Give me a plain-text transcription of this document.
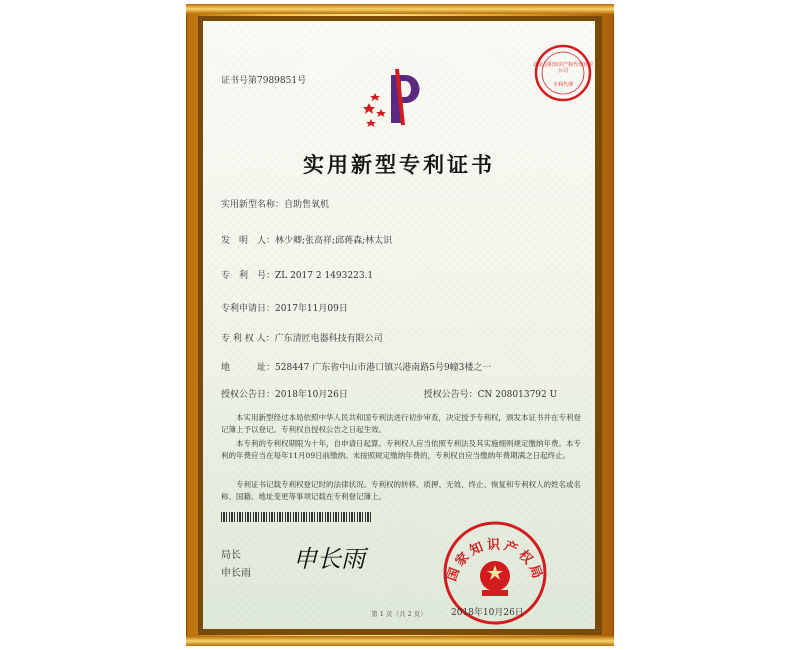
证书号第7989851号
北京信和知识产权代理有限公司
专利代理
实用新型专利证书
实用新型名称：自助售氧机
发　明　人：林少卿;张高祥;邱蒋森;林太识
专　利　号：ZL 2017 2 1493223.1
专利申请日：2017年11月09日
专 利 权 人：广东清匠电器科技有限公司
地　　　址：528447 广东省中山市港口镇兴港南路5号9幢3楼之一
授权公告日：2018年10月26日	授权公告号：CN 208013792 U
本实用新型经过本局依照中华人民共和国专利法进行初步审查，决定授予专利权，颁发本证书并在专利登记簿上予以登记。专利权自授权公告之日起生效。
本专利的专利权期限为十年，自申请日起算。专利权人应当依照专利法及其实施细则规定缴纳年费。本专利的年费应当在每年11月09日前缴纳。未按照规定缴纳年费的，专利权自应当缴纳年费期满之日起终止。
专利证书记载专利权登记时的法律状况。专利权的转移、质押、无效、终止、恢复和专利权人的姓名或名称、国籍、地址变更等事项记载在专利登记簿上。
局长
申长雨
申长雨
国家知识产权局
2018年10月26日
第 1 页（共 2 页）
